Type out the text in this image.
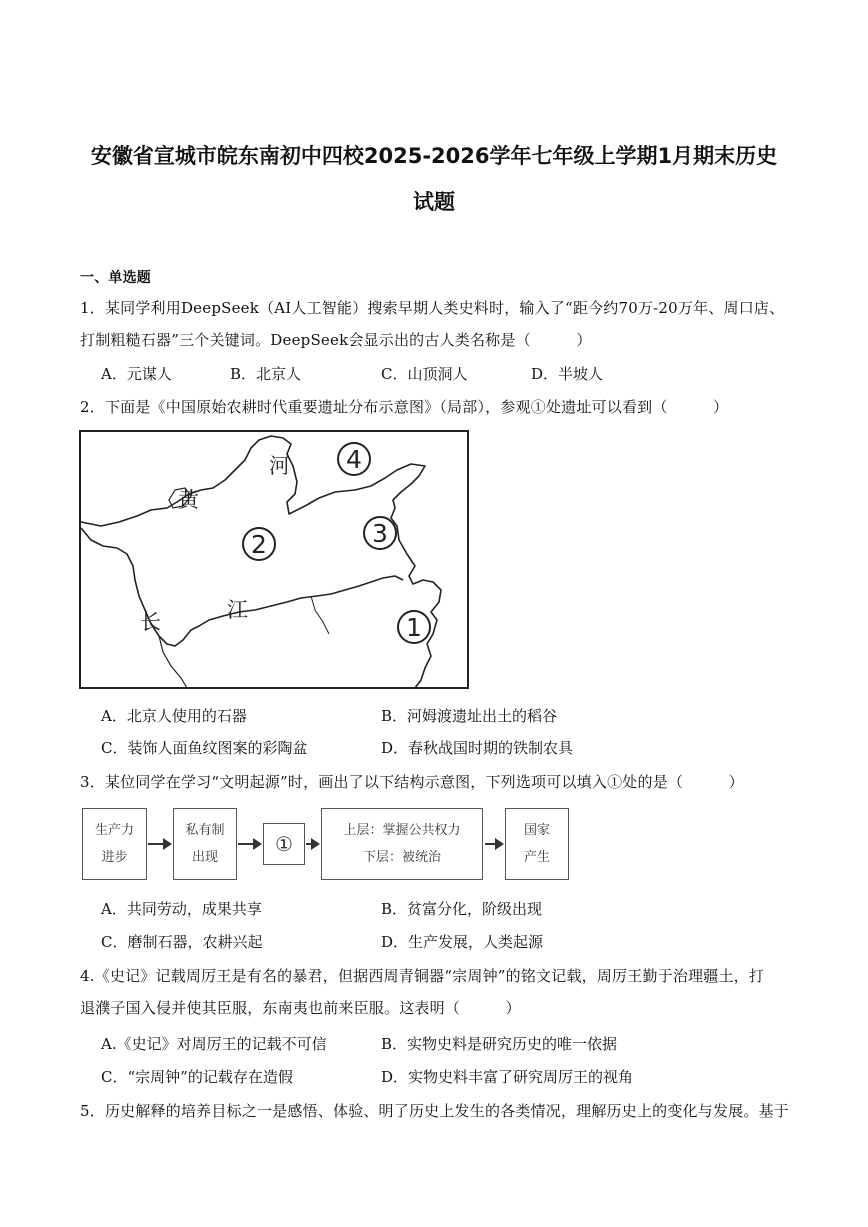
安徽省宣城市皖东南初中四校2025-2026学年七年级上学期1月期末历史
试题
一、单选题
1．某同学利用DeepSeek（AI人工智能）搜索早期人类史料时，输入了“距今约70万-20万年、周口店、
打制粗糙石器”三个关键词。DeepSeek会显示出的古人类名称是（　　　）
A．元谋人	B．北京人	C．山顶洞人	D．半坡人
2．下面是《中国原始农耕时代重要遗址分布示意图》（局部），参观①处遗址可以看到（　　　）
黄
河
长	江
2	3
4
1
A．北京人使用的石器	B．河姆渡遗址出土的稻谷
C．装饰人面鱼纹图案的彩陶盆	D．春秋战国时期的铁制农具
3．某位同学在学习“文明起源”时，画出了以下结构示意图，下列选项可以填入①处的是（　　　）
生产力
进步
私有制
出现
①
上层：掌握公共权力
下层：被统治
国家
产生
A．共同劳动，成果共享	B．贫富分化，阶级出现
C．磨制石器，农耕兴起	D．生产发展，人类起源
4.《史记》记载周厉王是有名的暴君，但据西周青铜器“宗周钟”的铭文记载，周厉王勤于治理疆土，打
退濮子国入侵并使其臣服，东南夷也前来臣服。这表明（　　　）
A.《史记》对周厉王的记载不可信	B．实物史料是研究历史的唯一依据
C．“宗周钟”的记载存在造假	D．实物史料丰富了研究周厉王的视角
5．历史解释的培养目标之一是感悟、体验、明了历史上发生的各类情况，理解历史上的变化与发展。基于
